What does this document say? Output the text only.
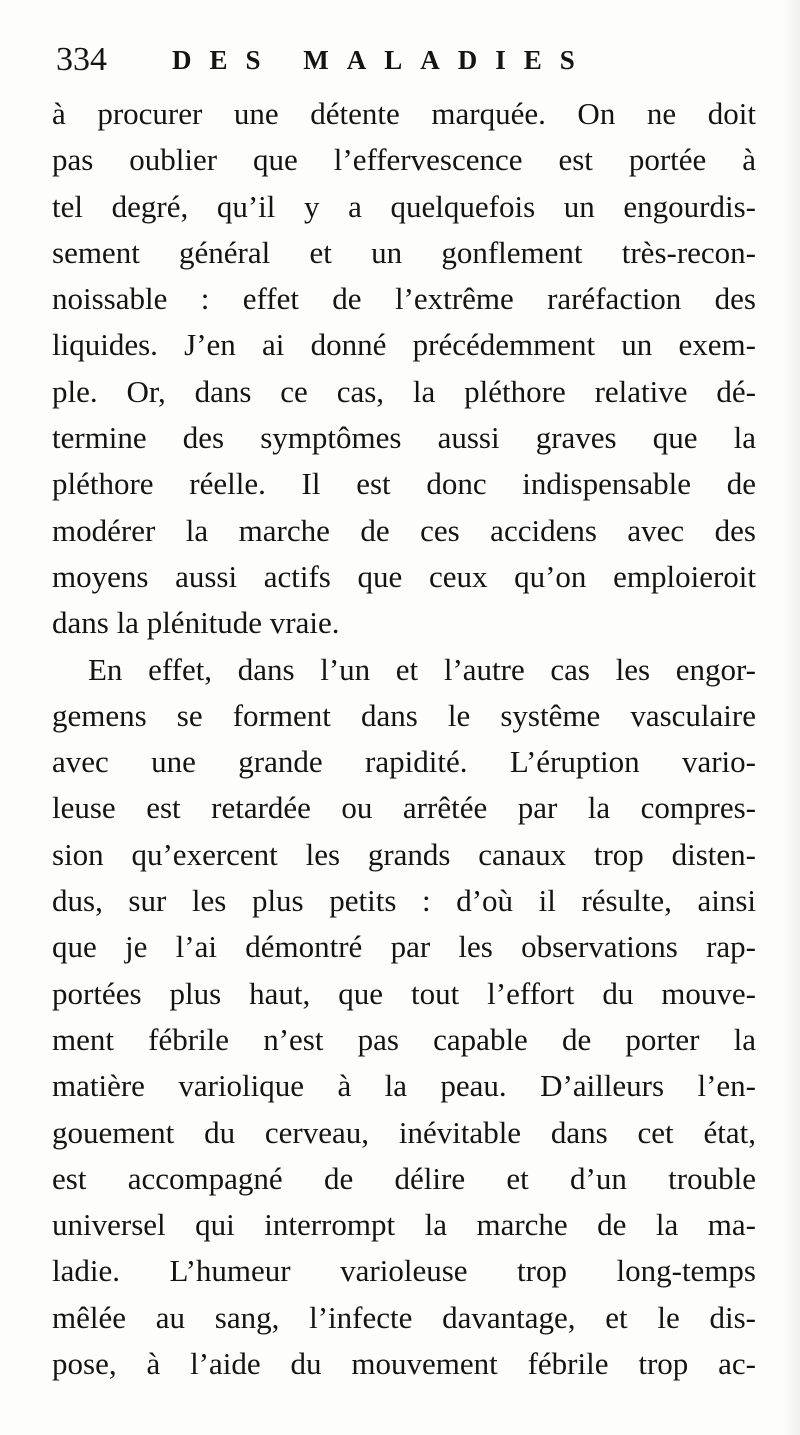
334 DES MALADIES
à procurer une détente marquée. On ne doit
pas oublier que l’effervescence est portée à
tel degré, qu’il y a quelquefois un engourdis-
sement général et un gonflement très-recon-
noissable : effet de l’extrême raréfaction des
liquides. J’en ai donné précédemment un exem-
ple. Or, dans ce cas, la pléthore relative dé-
termine des symptômes aussi graves que la
pléthore réelle. Il est donc indispensable de
modérer la marche de ces accidens avec des
moyens aussi actifs que ceux qu’on emploieroit
dans la plénitude vraie.
En effet, dans l’un et l’autre cas les engor-
gemens se forment dans le systême vasculaire
avec une grande rapidité. L’éruption vario-
leuse est retardée ou arrêtée par la compres-
sion qu’exercent les grands canaux trop disten-
dus, sur les plus petits : d’où il résulte, ainsi
que je l’ai démontré par les observations rap-
portées plus haut, que tout l’effort du mouve-
ment fébrile n’est pas capable de porter la
matière variolique à la peau. D’ailleurs l’en-
gouement du cerveau, inévitable dans cet état,
est accompagné de délire et d’un trouble
universel qui interrompt la marche de la ma-
ladie. L’humeur varioleuse trop long-temps
mêlée au sang, l’infecte davantage, et le dis-
pose, à l’aide du mouvement fébrile trop ac-
